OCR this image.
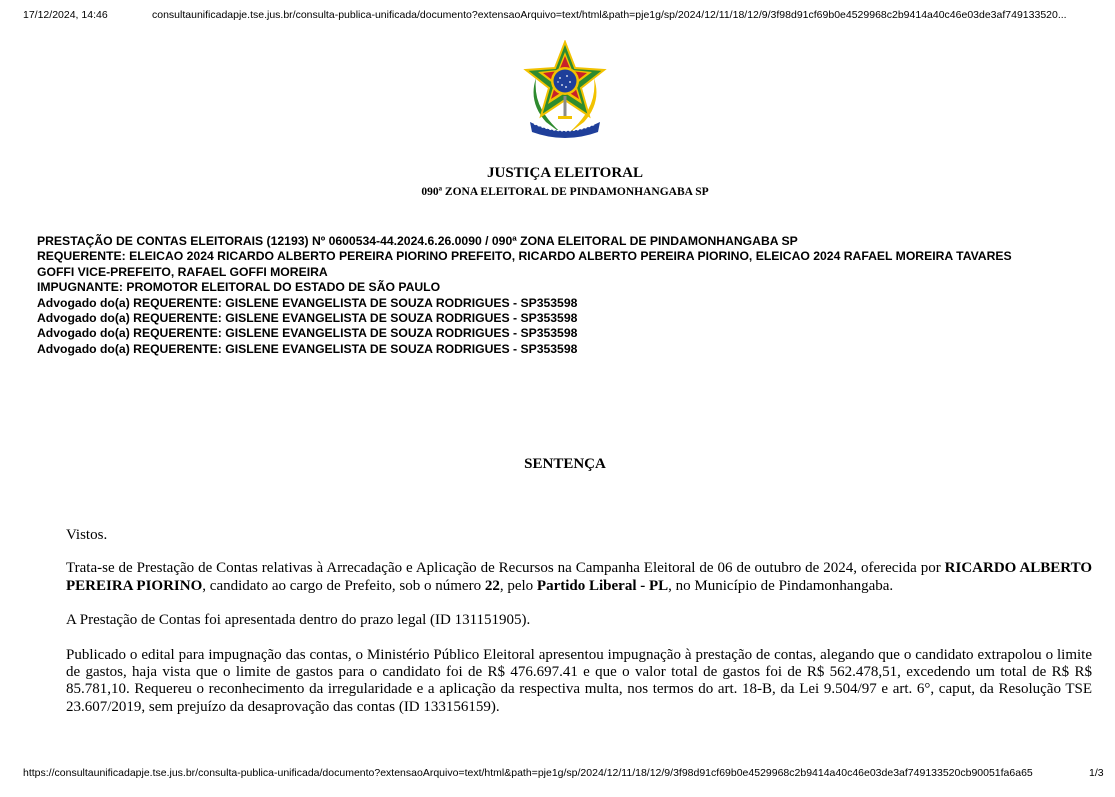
17/12/2024, 14:46	consultaunificadapje.tse.jus.br/consulta-publica-unificada/documento?extensaoArquivo=text/html&path=pje1g/sp/2024/12/11/18/12/9/3f98d91cf69b0e4529968c2b9414a40c46e03de3af749133520...
JUSTIÇA ELEITORAL
090ª ZONA ELEITORAL DE PINDAMONHANGABA SP

PRESTAÇÃO DE CONTAS ELEITORAIS (12193) Nº 0600534-44.2024.6.26.0090 / 090ª ZONA ELEITORAL DE PINDAMONHANGABA SP

REQUERENTE: ELEICAO 2024 RICARDO ALBERTO PEREIRA PIORINO PREFEITO, RICARDO ALBERTO PEREIRA PIORINO, ELEICAO 2024 RAFAEL MOREIRA TAVARES GOFFI VICE-PREFEITO, RAFAEL GOFFI MOREIRA

IMPUGNANTE: PROMOTOR ELEITORAL DO ESTADO DE SÃO PAULO

Advogado do(a) REQUERENTE: GISLENE EVANGELISTA DE SOUZA RODRIGUES - SP353598

Advogado do(a) REQUERENTE: GISLENE EVANGELISTA DE SOUZA RODRIGUES - SP353598

Advogado do(a) REQUERENTE: GISLENE EVANGELISTA DE SOUZA RODRIGUES - SP353598

Advogado do(a) REQUERENTE: GISLENE EVANGELISTA DE SOUZA RODRIGUES - SP353598

SENTENÇA

Vistos.

Trata-se de Prestação de Contas relativas à Arrecadação e Aplicação de Recursos na Campanha Eleitoral de 06 de outubro de 2024, oferecida por RICARDO ALBERTO PEREIRA PIORINO, candidato ao cargo de Prefeito, sob o número 22, pelo Partido Liberal - PL, no Município de Pindamonhangaba.

A Prestação de Contas foi apresentada dentro do prazo legal (ID 131151905).

Publicado o edital para impugnação das contas, o Ministério Público Eleitoral apresentou impugnação à prestação de contas, alegando que o candidato extrapolou o limite de gastos, haja vista que o limite de gastos para o candidato foi de R$ 476.697.41 e que o valor total de gastos foi de R$ 562.478,51, excedendo um total de R$ R$ 85.781,10. Requereu o reconhecimento da irregularidade e a aplicação da respectiva multa, nos termos do art. 18-B, da Lei 9.504/97 e art. 6°, caput, da Resolução TSE 23.607/2019, sem prejuízo da desaprovação das contas (ID 133156159).

https://consultaunificadapje.tse.jus.br/consulta-publica-unificada/documento?extensaoArquivo=text/html&path=pje1g/sp/2024/12/11/18/12/9/3f98d91cf69b0e4529968c2b9414a40c46e03de3af749133520cb90051fa6a65	1/3
